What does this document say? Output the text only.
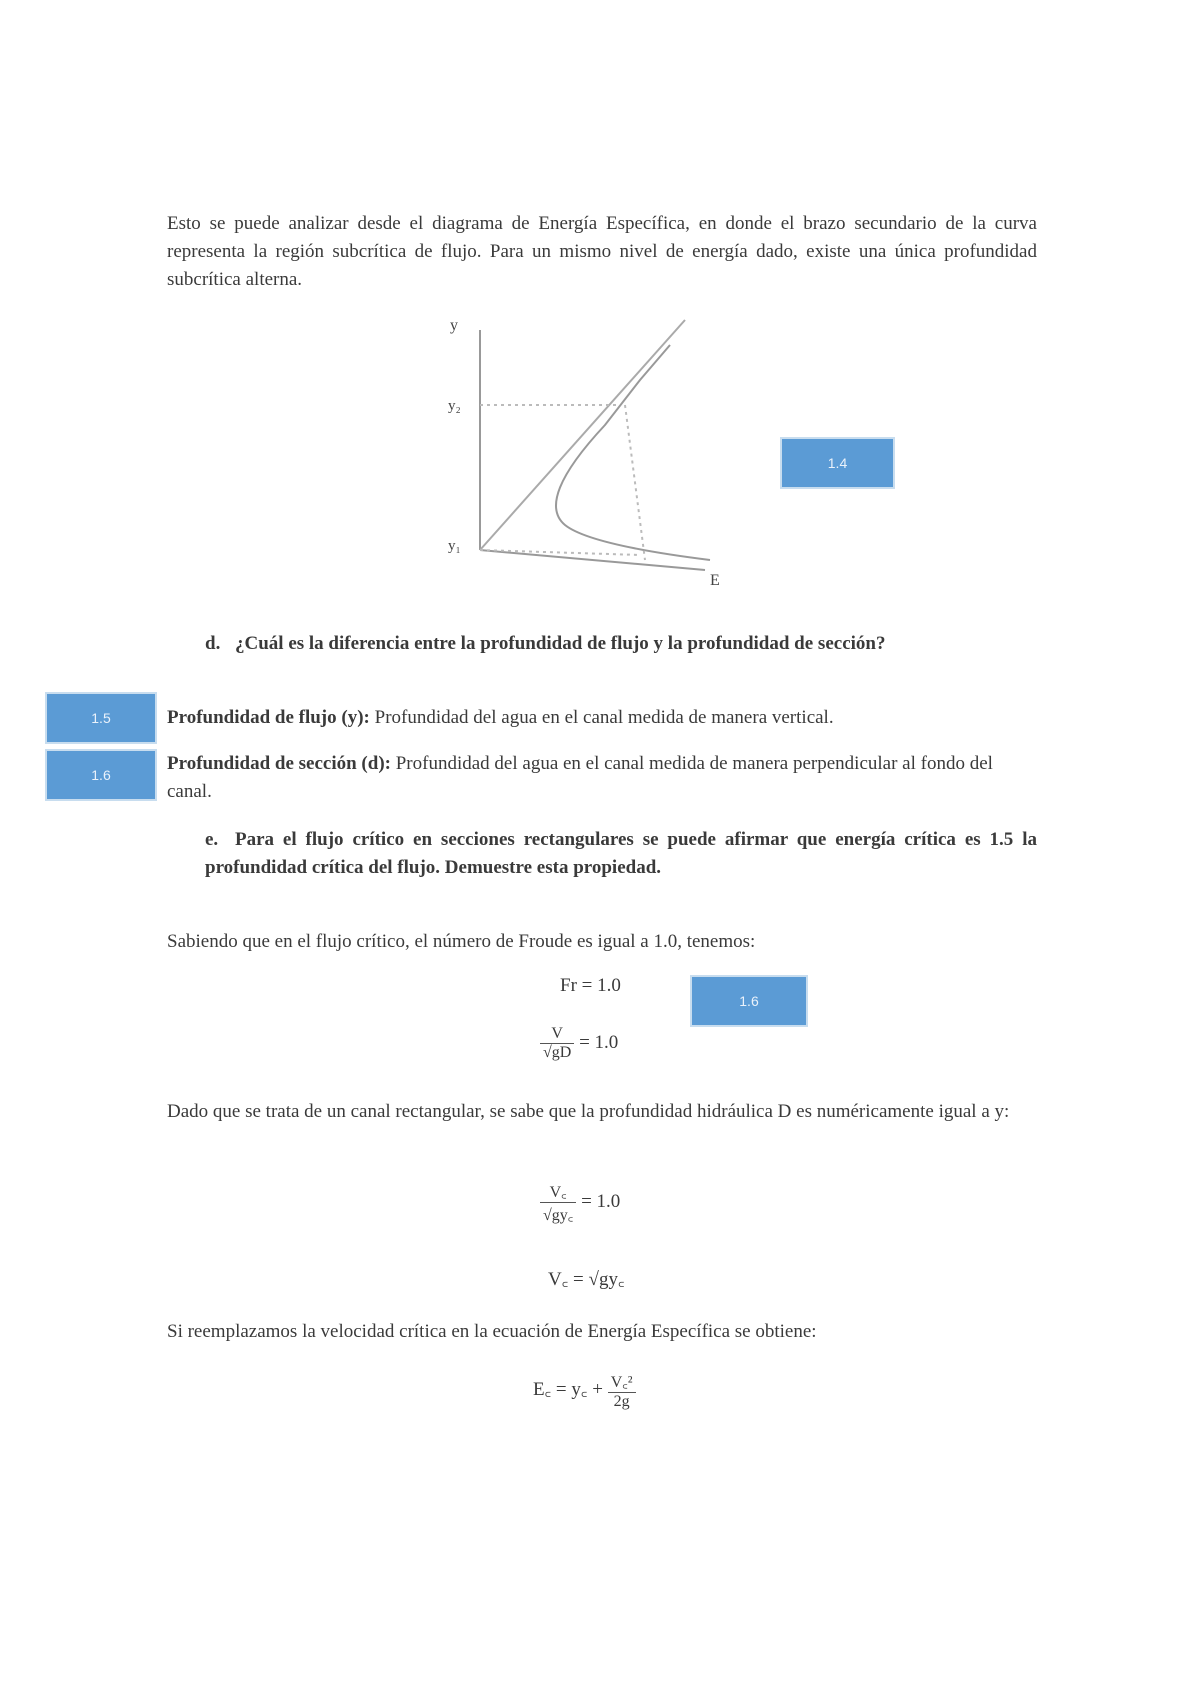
Esto se puede analizar desde el diagrama de Energía Específica, en donde el brazo secundario de la curva representa la región subcrítica de flujo. Para un mismo nivel de energía dado, existe una única profundidad subcrítica alterna.

y
y₂
y₁
E
1.4
d. ¿Cuál es la diferencia entre la profundidad de flujo y la profundidad de sección?
1.5	Profundidad de flujo (y): Profundidad del agua en el canal medida de manera vertical.
1.6
Profundidad de sección (d): Profundidad del agua en el canal medida de manera perpendicular al fondo del canal.
e. Para el flujo crítico en secciones rectangulares se puede afirmar que energía crítica es 1.5 la profundidad crítica del flujo. Demuestre esta propiedad.

Sabiendo que en el flujo crítico, el número de Froude es igual a 1.0, tenemos:

Fr = 1.0
1.6
$\frac{V}{√gD} = 1.0$

Dado que se trata de un canal rectangular, se sabe que la profundidad hidráulica D es numéricamente igual a y:

$\frac{V꜀}{√gy꜀} = 1.0$
V꜀ = √gy꜀

Si reemplazamos la velocidad crítica en la ecuación de Energía Específica se obtiene:

E꜀ = y꜀ + $\frac{\text{V꜀²}}{2g}$
